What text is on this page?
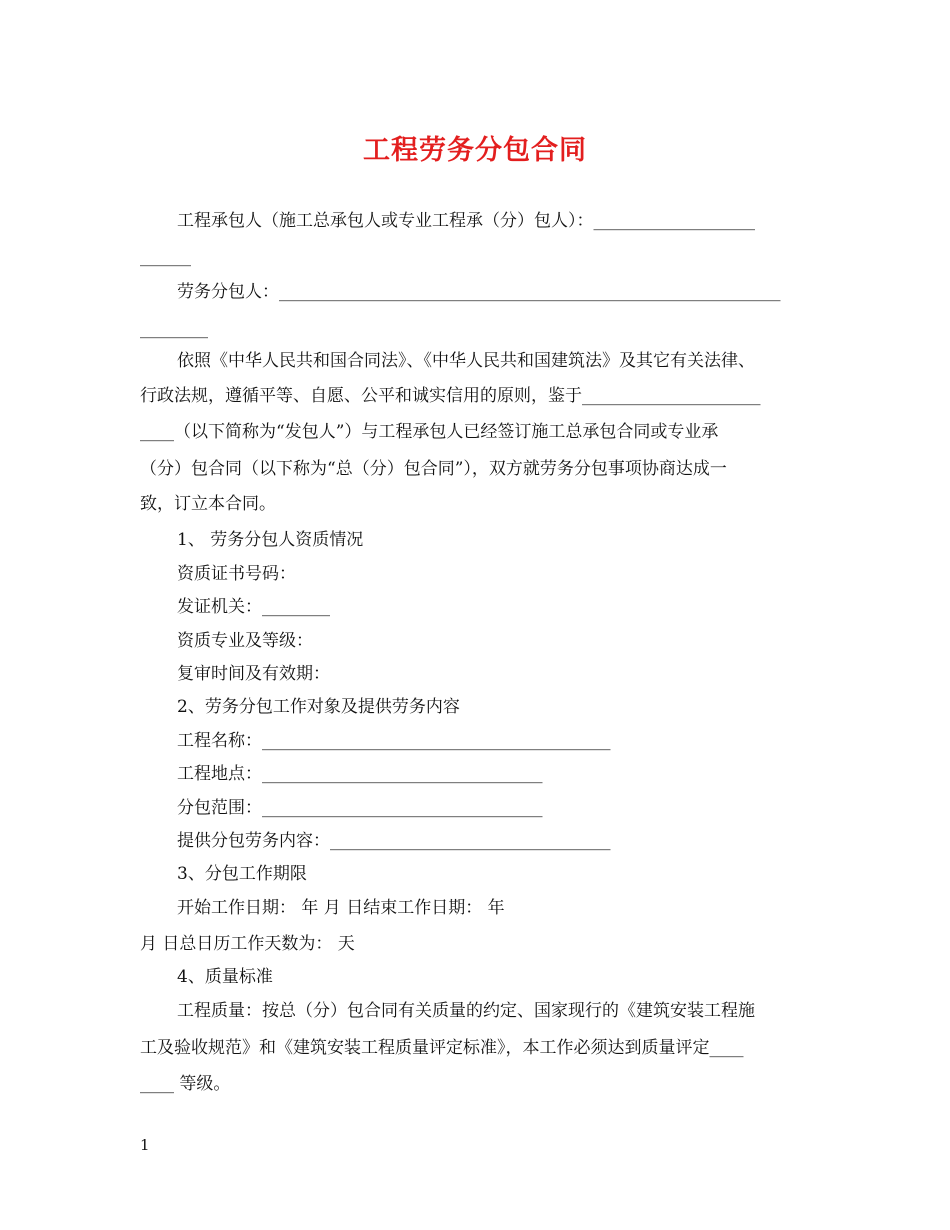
工程劳务分包合同
工程承包人（施工总承包人或专业工程承（分）包人）：___________________
______
劳务分包人：___________________________________________________________
________
依照《中华人民共和国合同法》、《中华人民共和国建筑法》及其它有关法律、
行政法规，遵循平等、自愿、公平和诚实信用的原则，鉴于_____________________
____（以下简称为“发包人”）与工程承包人已经签订施工总承包合同或专业承
（分）包合同（以下称为“总（分）包合同”），双方就劳务分包事项协商达成一
致，订立本合同。
1、 劳务分包人资质情况
资质证书号码：
发证机关：________
资质专业及等级：
复审时间及有效期：
2、劳务分包工作对象及提供劳务内容
工程名称：_________________________________________
工程地点：_________________________________
分包范围：_________________________________
提供分包劳务内容：_________________________________
3、分包工作期限
开始工作日期： 年 月 日结束工作日期： 年
月 日总日历工作天数为： 天
4、质量标准
工程质量：按总（分）包合同有关质量的约定、国家现行的《建筑安装工程施
工及验收规范》和《建筑安装工程质量评定标准》，本工作必须达到质量评定____
____ 等级。
1
